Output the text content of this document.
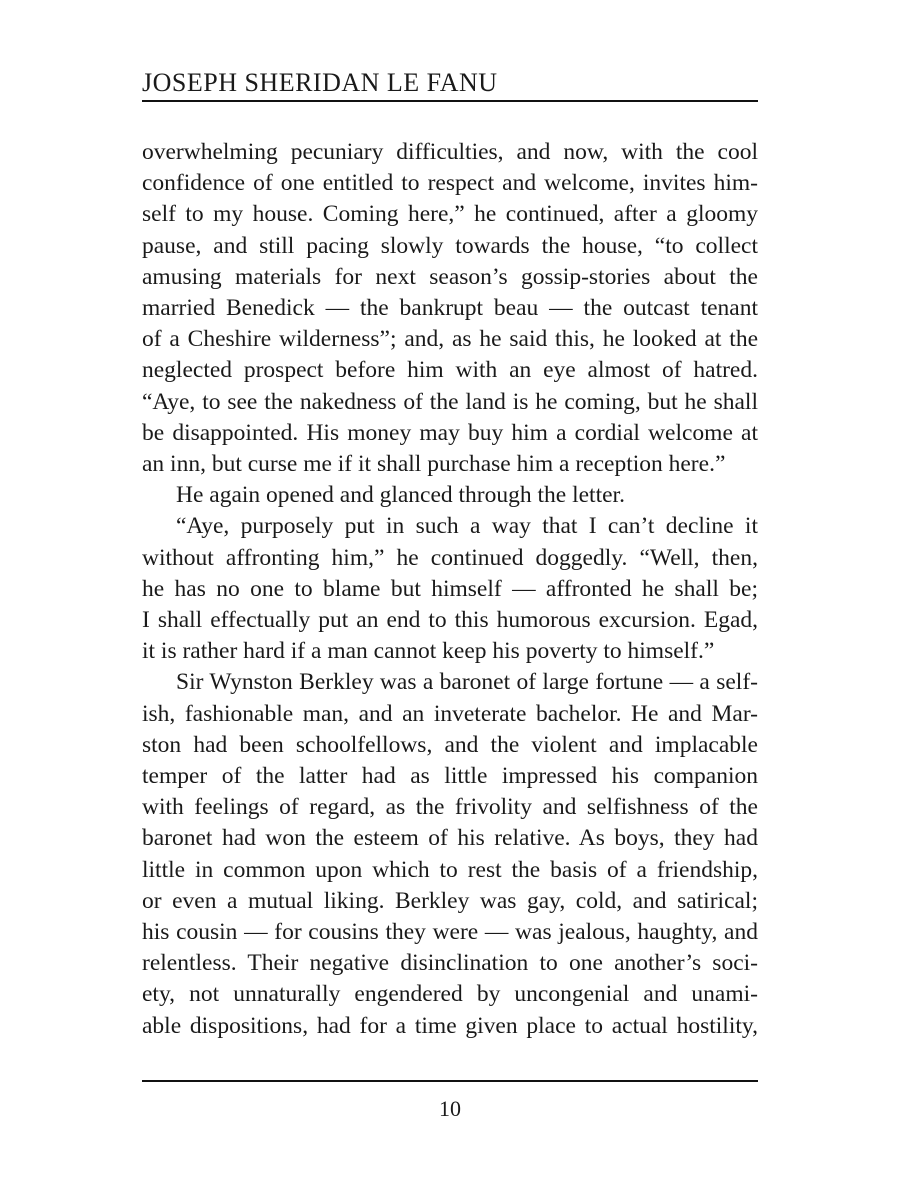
JOSEPH SHERIDAN LE FANU
overwhelming pecuniary difficulties, and now, with the cool
confidence of one entitled to respect and welcome, invites him-
self to my house. Coming here,” he continued, after a gloomy
pause, and still pacing slowly towards the house, “to collect
amusing materials for next season’s gossip-stories about the
married Benedick — the bankrupt beau — the outcast tenant
of a Cheshire wilderness”; and, as he said this, he looked at the
neglected prospect before him with an eye almost of hatred.
“Aye, to see the nakedness of the land is he coming, but he shall
be disappointed. His money may buy him a cordial welcome at
an inn, but curse me if it shall purchase him a reception here.”
He again opened and glanced through the letter.
“Aye, purposely put in such a way that I can’t decline it
without affronting him,” he continued doggedly. “Well, then,
he has no one to blame but himself — affronted he shall be;
I shall effectually put an end to this humorous excursion. Egad,
it is rather hard if a man cannot keep his poverty to himself.”
Sir Wynston Berkley was a baronet of large fortune — a self-
ish, fashionable man, and an inveterate bachelor. He and Mar-
ston had been schoolfellows, and the violent and implacable
temper of the latter had as little impressed his companion
with feelings of regard, as the frivolity and selfishness of the
baronet had won the esteem of his relative. As boys, they had
little in common upon which to rest the basis of a friendship,
or even a mutual liking. Berkley was gay, cold, and satirical;
his cousin — for cousins they were — was jealous, haughty, and
relentless. Their negative disinclination to one another’s soci-
ety, not unnaturally engendered by uncongenial and unami-
able dispositions, had for a time given place to actual hostility,
10
